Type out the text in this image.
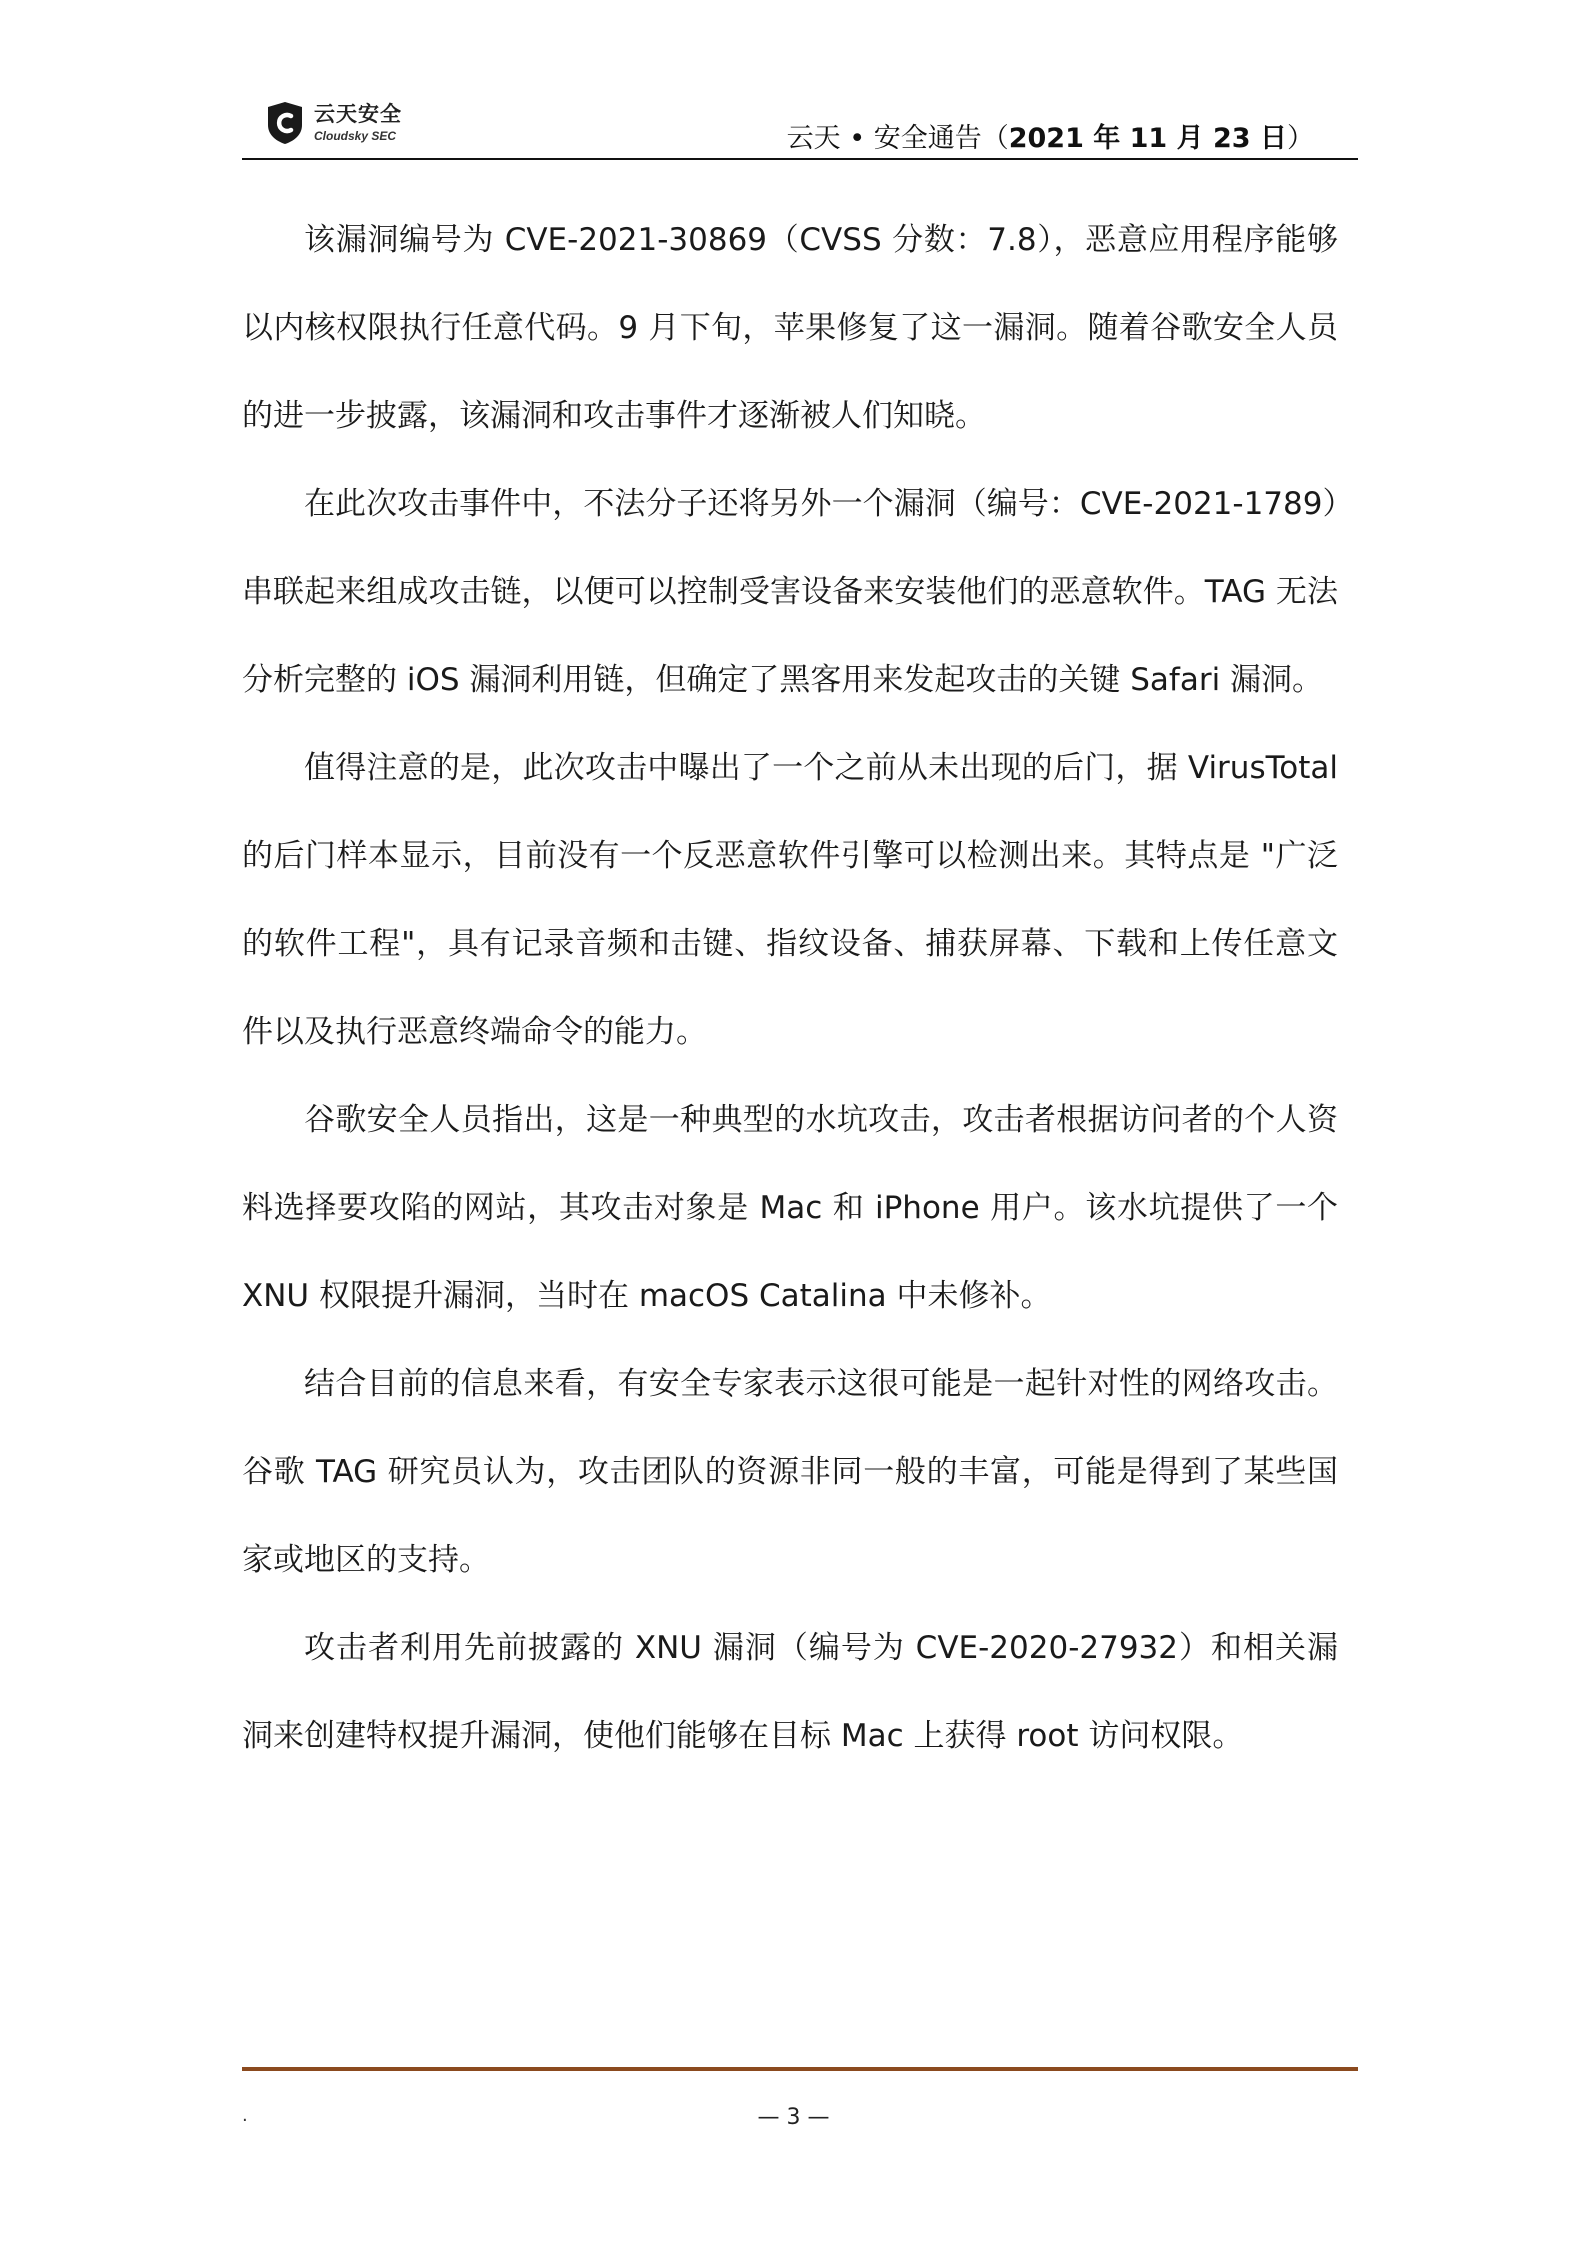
云天安全
Cloudsky SEC	云天 • 安全通告（2021 年 11 月 23 日）

该漏洞编号为 CVE-2021-30869（CVSS 分数：7.8），恶意应用程序能够以内核权限执行任意代码。9 月下旬，苹果修复了这一漏洞。随着谷歌安全人员的进一步披露，该漏洞和攻击事件才逐渐被人们知晓。

在此次攻击事件中，不法分子还将另外一个漏洞（编号：CVE-2021-1789）串联起来组成攻击链，以便可以控制受害设备来安装他们的恶意软件。TAG 无法分析完整的 iOS 漏洞利用链，但确定了黑客用来发起攻击的关键 Safari 漏洞。

值得注意的是，此次攻击中曝出了一个之前从未出现的后门，据 VirusTotal 的后门样本显示，目前没有一个反恶意软件引擎可以检测出来。其特点是 "广泛的软件工程"，具有记录音频和击键、指纹设备、捕获屏幕、下载和上传任意文件以及执行恶意终端命令的能力。

谷歌安全人员指出，这是一种典型的水坑攻击，攻击者根据访问者的个人资料选择要攻陷的网站，其攻击对象是 Mac 和 iPhone 用户。该水坑提供了一个 XNU 权限提升漏洞，当时在 macOS Catalina 中未修补。

结合目前的信息来看，有安全专家表示这很可能是一起针对性的网络攻击。谷歌 TAG 研究员认为，攻击团队的资源非同一般的丰富，可能是得到了某些国家或地区的支持。

攻击者利用先前披露的 XNU 漏洞（编号为 CVE-2020-27932）和相关漏洞来创建特权提升漏洞，使他们能够在目标 Mac 上获得 root 访问权限。

.	— 3 —
